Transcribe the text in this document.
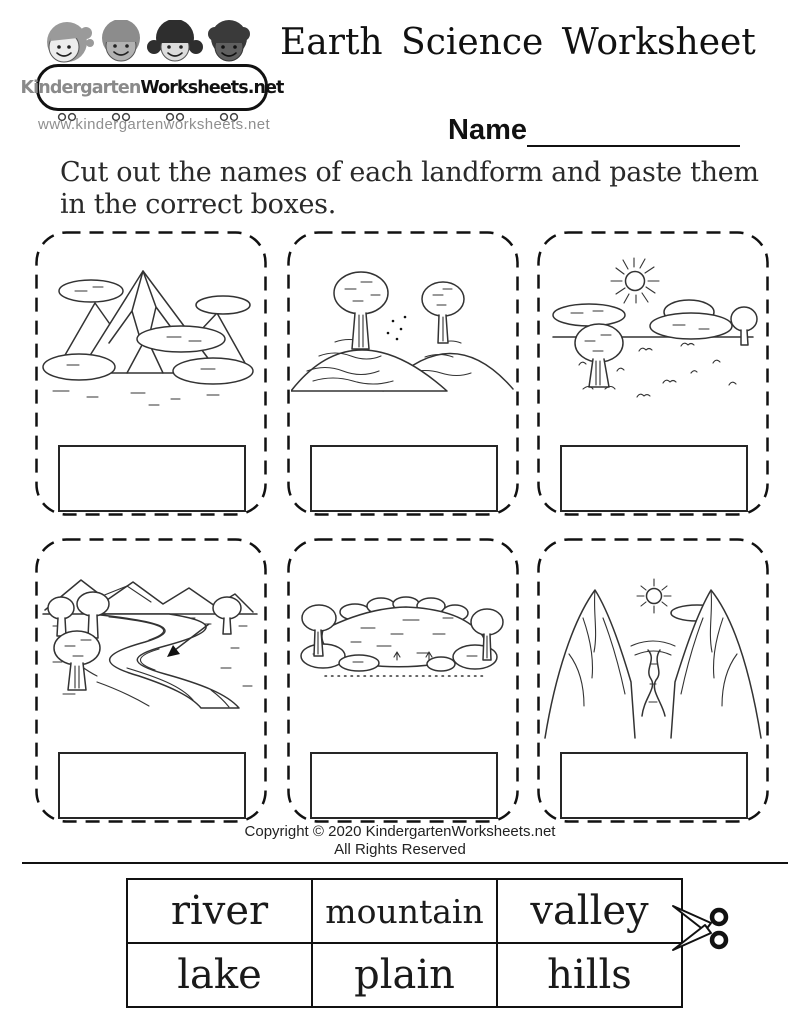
KindergartenWorksheets.net
www.kindergartenworksheets.net
Earth Science Worksheet
Name
Cut out the names of each landform and paste them
in the correct boxes.
Copyright © 2020 KindergartenWorksheets.net
All Rights Reserved
river	mountain	valley
lake	plain	hills
